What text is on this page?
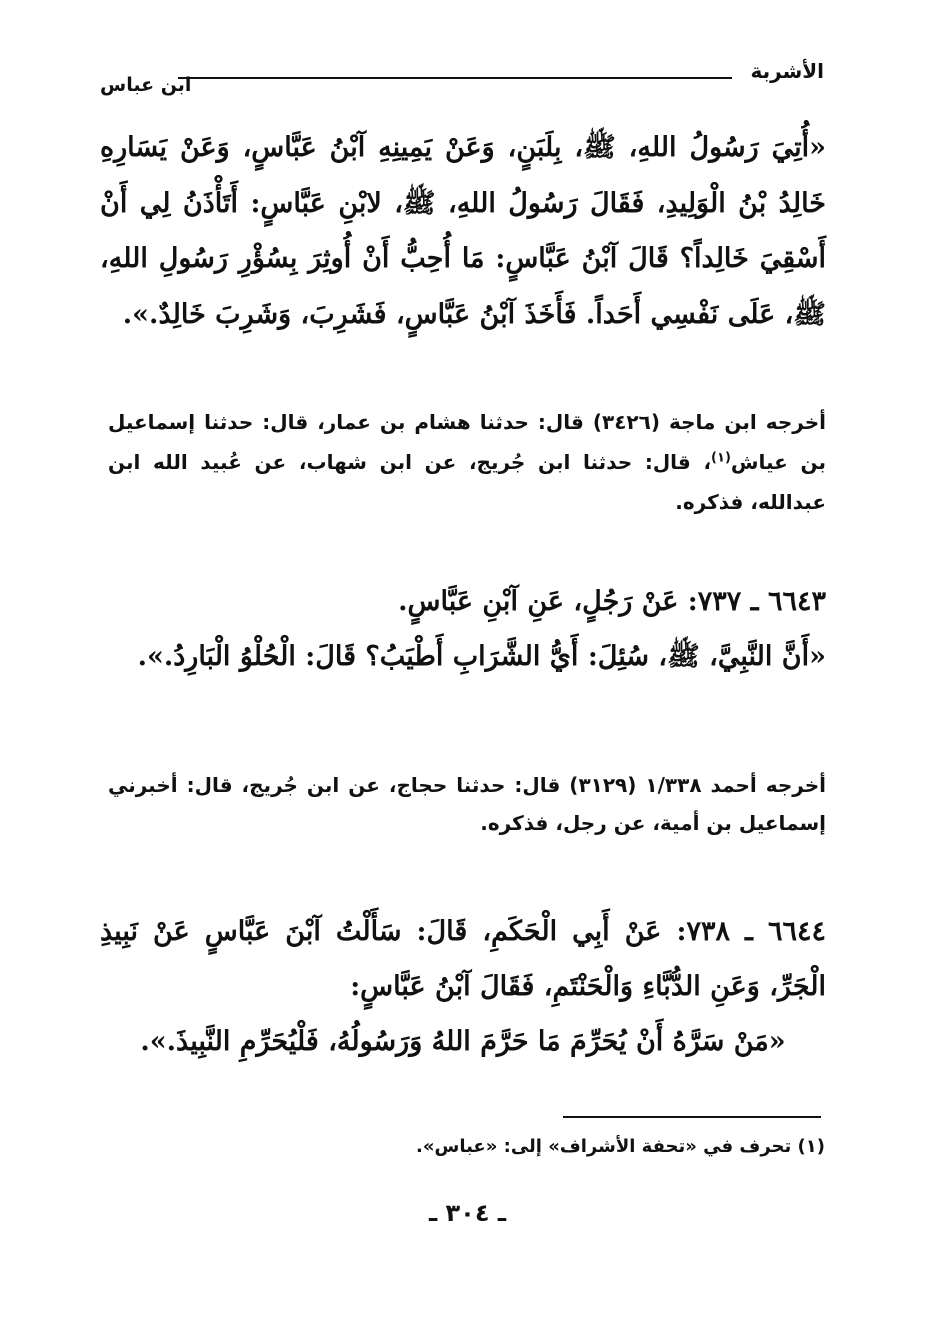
الأشربة
ابن عباس

«أُتِيَ رَسُولُ اللهِ، ﷺ، بِلَبَنٍ، وَعَنْ يَمِينِهِ آبْنُ عَبَّاسٍ، وَعَنْ يَسَارِهِ خَالِدُ بْنُ الْوَلِيدِ، فَقَالَ رَسُولُ اللهِ، ﷺ، لابْنِ عَبَّاسٍ: أَتَأْذَنُ لِي أَنْ أَسْقِيَ خَالِداً؟ قَالَ آبْنُ عَبَّاسٍ: مَا أُحِبُّ أَنْ أُوثِرَ بِسُؤْرِ رَسُولِ اللهِ، ﷺ، عَلَى نَفْسِي أَحَداً. فَأَخَذَ آبْنُ عَبَّاسٍ، فَشَرِبَ، وَشَرِبَ خَالِدٌ.».

أخرجه ابن ماجة (٣٤٢٦) قال: حدثنا هشام بن عمار، قال: حدثنا إسماعيل بن عياش$^{(١)}$، قال: حدثنا ابن جُريج، عن ابن شهاب، عن عُبيد الله ابن عبدالله، فذكره.

٦٦٤٣ ـ ٧٣٧: عَنْ رَجُلٍ، عَنِ آبْنِ عَبَّاسٍ.
«أَنَّ النَّبِيَّ، ﷺ، سُئِلَ: أَيُّ الشَّرَابِ أَطْيَبُ؟ قَالَ: الْحُلْوُ الْبَارِدُ.».

أخرجه أحمد ١/٣٣٨ (٣١٢٩) قال: حدثنا حجاج، عن ابن جُريج، قال: أخبرني إسماعيل بن أمية، عن رجل، فذكره.

٦٦٤٤ ـ ٧٣٨: عَنْ أَبِي الْحَكَمِ، قَالَ: سَأَلْتُ آبْنَ عَبَّاسٍ عَنْ نَبِيذِ الْجَرِّ، وَعَنِ الدُّبَّاءِ وَالْحَنْتَمِ، فَقَالَ آبْنُ عَبَّاسٍ:
«مَنْ سَرَّهُ أَنْ يُحَرِّمَ مَا حَرَّمَ اللهُ وَرَسُولُهُ، فَلْيُحَرِّمِ النَّبِيذَ.».

(١) تحرف في «تحفة الأشراف» إلى: «عباس».

ـ ٣٠٤ ـ
